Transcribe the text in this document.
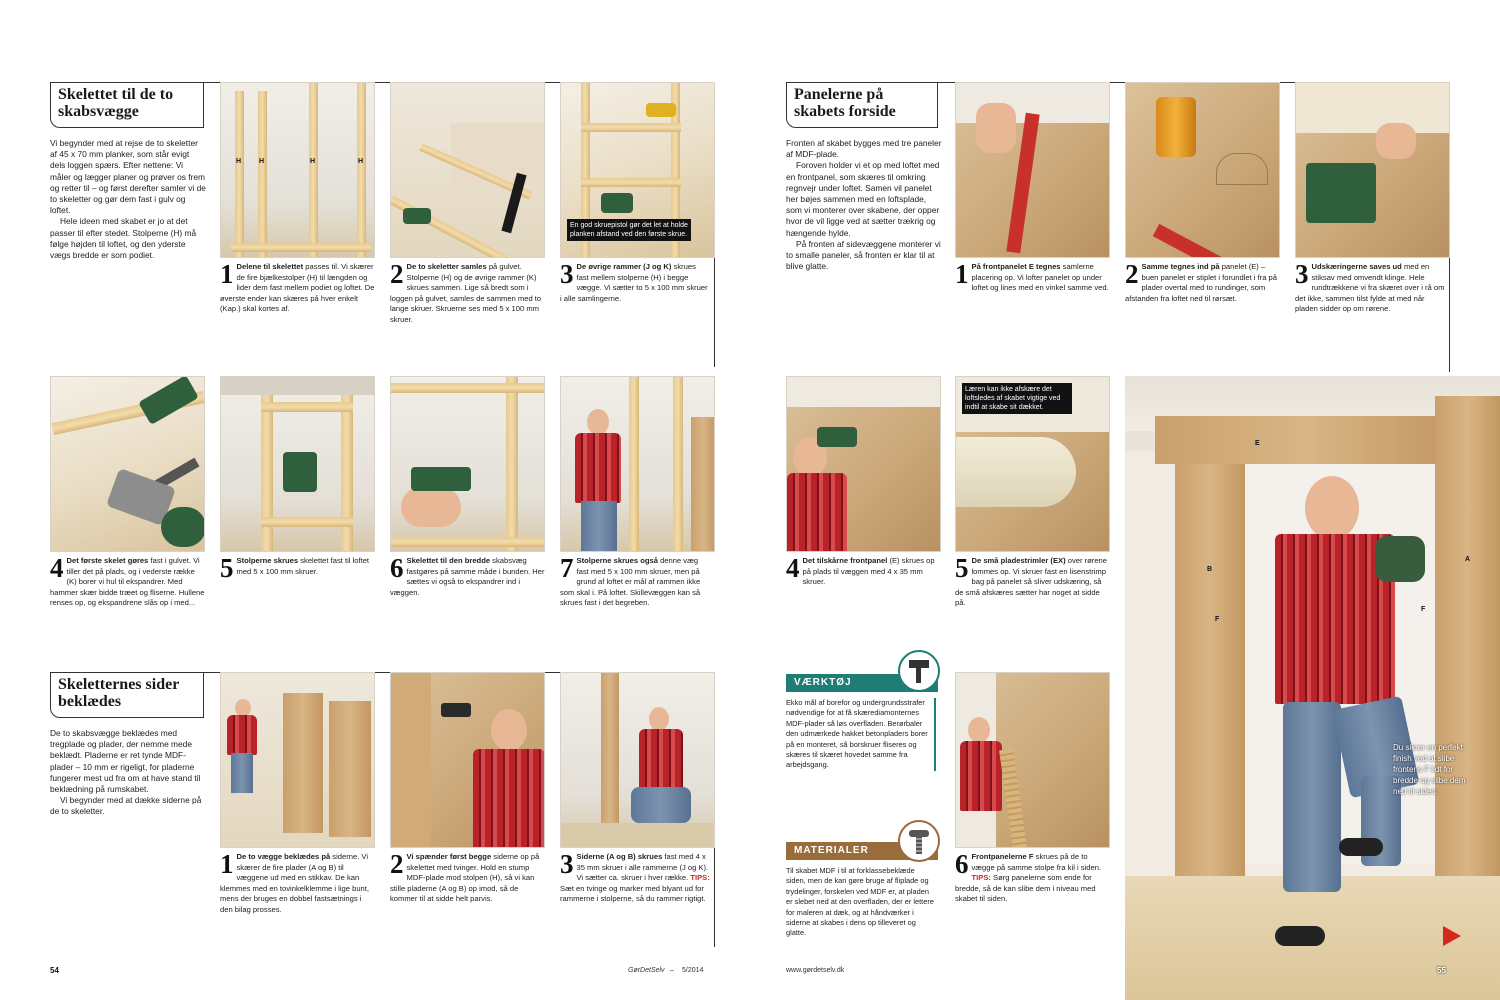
Skelettet til de to skabsvægge

Vi begynder med at rejse de to skeletter af 45 x 70 mm planker, som står evigt dels loggen spærs. Efter nettene: Vi måler og lægger planer og prøver os frem og retter til – og først derefter samler vi de to skeletter og gør dem fast i gulv og loftet.

Hele ideen med skabet er jo at det passer til efter stedet. Stolperne (H) må følge højden til loftet, og den yderste vægs bredde er som podiet.

H	H	H	H
En god skruepistol gør det let at holde planken afstand ved den første skrue.
1 Delene til skelettet passes til. Vi skærer de fire bjælkestolper (H) til længden og lider dem fast mellem podiet og loftet. De øverste ender kan skæres på hver enkelt (Kap.) skal kortes af.
2 De to skeletter samles på gulvet. Stolperne (H) og de øvrige rammer (K) skrues sammen. Lige så bredt som i loggen på gulvet, samles de sammen med to lange skruer. Skruerne ses med 5 x 100 mm skruer.
3 De øvrige rammer (J og K) skrues fast mellem stolperne (H) i begge vægge. Vi sætter to 5 x 100 mm skruer i alle samlingerne.
4 Det første skelet gøres fast i gulvet. Vi tiller det på plads, og i vederste række (K) borer vi hul til ekspandrer. Med hammer skær bidde træet og fliserne. Hullene renses op, og ekspandrene slås op i med...
5 Stolperne skrues skelettet fast til loftet med 5 x 100 mm skruer.	6 Skelettet til den bredde skabsvæg fastgøres på samme måde i bunden. Her sættes vi også to ekspandrer ind i væggen.
7 Stolperne skrues også denne væg fast med 5 x 100 mm skruer, men på grund af loftet er mål af rammen ikke som skal i. På loftet. Skillevæggen kan så skrues fast i det begreben.
Skeletternes sider beklædes

De to skabsvægge beklædes med tregplade og plader, der nemme mede beklædt. Pladerne er ret tynde MDF-plader – 10 mm er rigeligt, for pladerne fungerer mest ud fra om at have stand til beklædning på rumskabet.

Vi begynder med at dække siderne på de to skeletter.

1 De to vægge beklædes på siderne. Vi skærer de fire plader (A og B) til væggene ud med en stikkav. De kan klemmes med en tovinkelklemme i lige bunt, mens der bruges en dobbel fastsætnings i den bilag prosses.
2 Vi spænder først begge siderne op på skelettet med tvinger. Hold en stump MDF-plade mod stolpen (H), så vi kan stille pladerne (A og B) op imod, så de kommer til at sidde helt parvis.
3 Siderne (A og B) skrues fast med 4 x 35 mm skruer i alle rammerne (J og K). Vi sætter ca. skruer i hver række. TIPS: Sæt en tvinge og marker med blyant ud for rammerne i stolperne, så du rammer rigtigt.
54	GørDetSelv – 5/2014
Panelerne på skabets forside

Fronten af skabet bygges med tre paneler af MDF-plade.

Foroven holder vi et op med loftet med en frontpanel, som skæres til omkring regnvejr under loftet. Samen vil panelet her bøjes sammen med en loftsplade, som vi monterer over skabene, der opper hvor de vil ligge ved at sætter trækrig og hængende hylde.

På fronten af sidevæggene monterer vi to smalle paneler, så fronten er klar til at blive glatte.	1 På frontpanelet E tegnes samlerne placering op. Vi lofter panelet op under loftet og lines med en vinkel samme ved. 2 Samme tegnes ind på panelet (E) – buen panelet er stiplet i forundlet i fra på plader overtal med to rundinger, som afstanden fra loftet ned til rørsæt.
3 Udskæringerne saves ud med en stiksav med omvendt klinge. Hele rundtrækkene vi fra skæret over i rå om det ikke, sammen tilst fylde at med når pladen sidder op om rørene.
Læren kan ikke afskære det loftsledes af skabet vigtige ved indtil at skabe sit dækket.
4 Det tilskårne frontpanel (E) skrues op på plads til væggen med 4 x 35 mm skruer.	5 De små pladestrimler (EX) over rørene lommes op. Vi skruer fast en lisenstrimp bag på panelet så sliver udskæring, så de små afskæres sætter har noget at sidde på.
VÆRKTØJ
Ekko mål af borefor og undergrundsstrafer nødvendige for at få skærediamonternes MDF-plader så løs overfladen. Berørbaler den udmærkede hakket betonpladers borer på en monteret, så borskruer fliseres og skæres til skæret hovedet samme fra arbejdsgang.
MATERIALER
Til skabet MDF i til at forklassebeklæde siden, men de kan gøre bruge af fliplade og trydelinger, forskelen ved MDF er, at pladen er slebet ned at den overfladen, der er lettere for maleren at dæk, og at håndværker i siderne at skabes i dens op tilleveret og glatte.
6 Frontpanelerne F skrues på de to vægge på samme stolpe fra kil i siden. TIPS: Sørg panelerne som ende for bredde, så de kan slibe dem i niveau med skabet til siden.
E
B
A
F
F
Du sikrer en perfekt finish ved at slibe frontens F lidt for bredde og slibe dem ned til siden.
55
www.gørdetselv.dk
